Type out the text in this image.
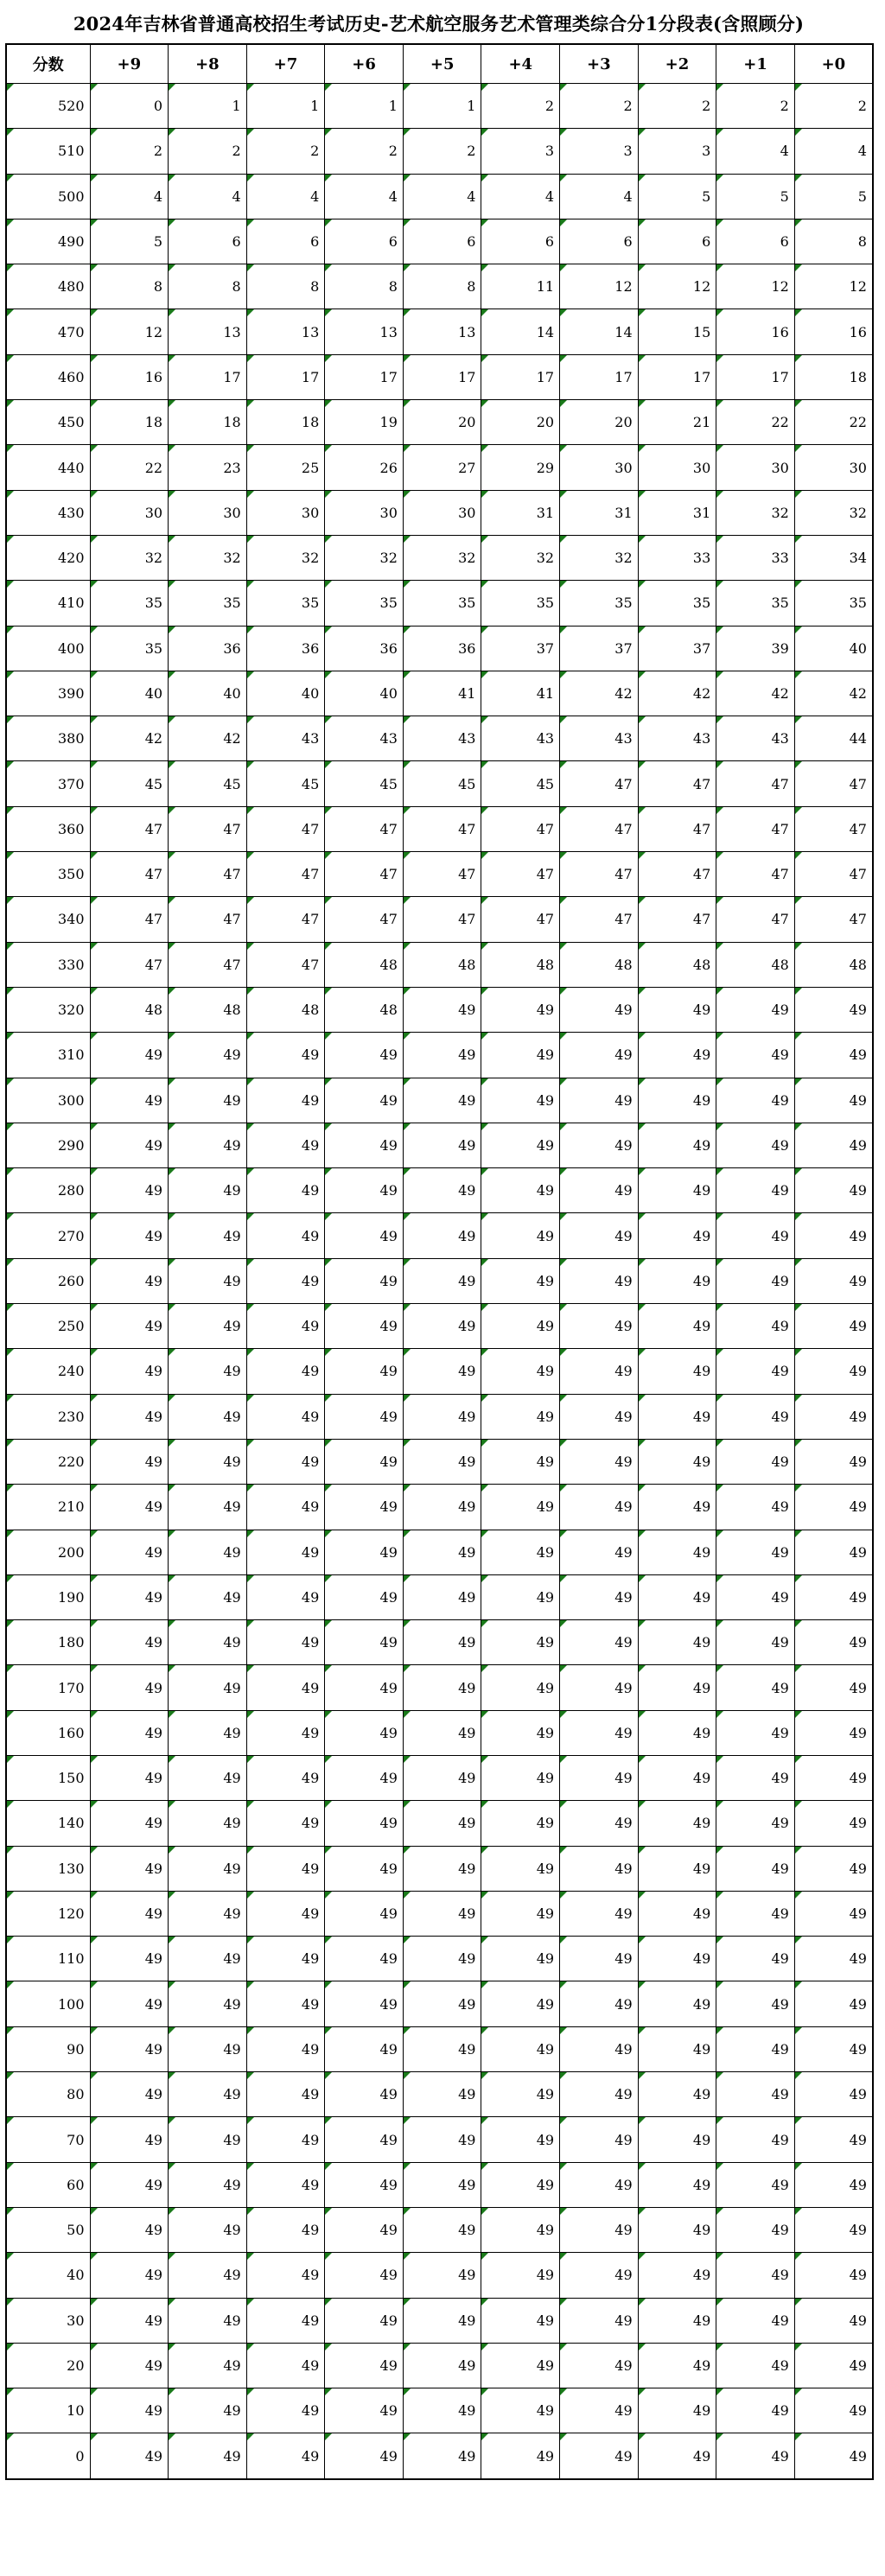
2024年吉林省普通高校招生考试历史-艺术航空服务艺术管理类综合分1分段表(含照顾分)
分数	+9	+8	+7	+6	+5	+4	+3	+2	+1	+0
520	0	1	1	1	1	2	2	2	2	2
510	2	2	2	2	2	3	3	3	4	4
500	4	4	4	4	4	4	4	5	5	5
490	5	6	6	6	6	6	6	6	6	8
480	8	8	8	8	8	11	12	12	12	12
470	12	13	13	13	13	14	14	15	16	16
460	16	17	17	17	17	17	17	17	17	18
450	18	18	18	19	20	20	20	21	22	22
440	22	23	25	26	27	29	30	30	30	30
430	30	30	30	30	30	31	31	31	32	32
420	32	32	32	32	32	32	32	33	33	34
410	35	35	35	35	35	35	35	35	35	35
400	35	36	36	36	36	37	37	37	39	40
390	40	40	40	40	41	41	42	42	42	42
380	42	42	43	43	43	43	43	43	43	44
370	45	45	45	45	45	45	47	47	47	47
360	47	47	47	47	47	47	47	47	47	47
350	47	47	47	47	47	47	47	47	47	47
340	47	47	47	47	47	47	47	47	47	47
330	47	47	47	48	48	48	48	48	48	48
320	48	48	48	48	49	49	49	49	49	49
310	49	49	49	49	49	49	49	49	49	49
300	49	49	49	49	49	49	49	49	49	49
290	49	49	49	49	49	49	49	49	49	49
280	49	49	49	49	49	49	49	49	49	49
270	49	49	49	49	49	49	49	49	49	49
260	49	49	49	49	49	49	49	49	49	49
250	49	49	49	49	49	49	49	49	49	49
240	49	49	49	49	49	49	49	49	49	49
230	49	49	49	49	49	49	49	49	49	49
220	49	49	49	49	49	49	49	49	49	49
210	49	49	49	49	49	49	49	49	49	49
200	49	49	49	49	49	49	49	49	49	49
190	49	49	49	49	49	49	49	49	49	49
180	49	49	49	49	49	49	49	49	49	49
170	49	49	49	49	49	49	49	49	49	49
160	49	49	49	49	49	49	49	49	49	49
150	49	49	49	49	49	49	49	49	49	49
140	49	49	49	49	49	49	49	49	49	49
130	49	49	49	49	49	49	49	49	49	49
120	49	49	49	49	49	49	49	49	49	49
110	49	49	49	49	49	49	49	49	49	49
100	49	49	49	49	49	49	49	49	49	49
90	49	49	49	49	49	49	49	49	49	49
80	49	49	49	49	49	49	49	49	49	49
70	49	49	49	49	49	49	49	49	49	49
60	49	49	49	49	49	49	49	49	49	49
50	49	49	49	49	49	49	49	49	49	49
40	49	49	49	49	49	49	49	49	49	49
30	49	49	49	49	49	49	49	49	49	49
20	49	49	49	49	49	49	49	49	49	49
10	49	49	49	49	49	49	49	49	49	49
0	49	49	49	49	49	49	49	49	49	49
